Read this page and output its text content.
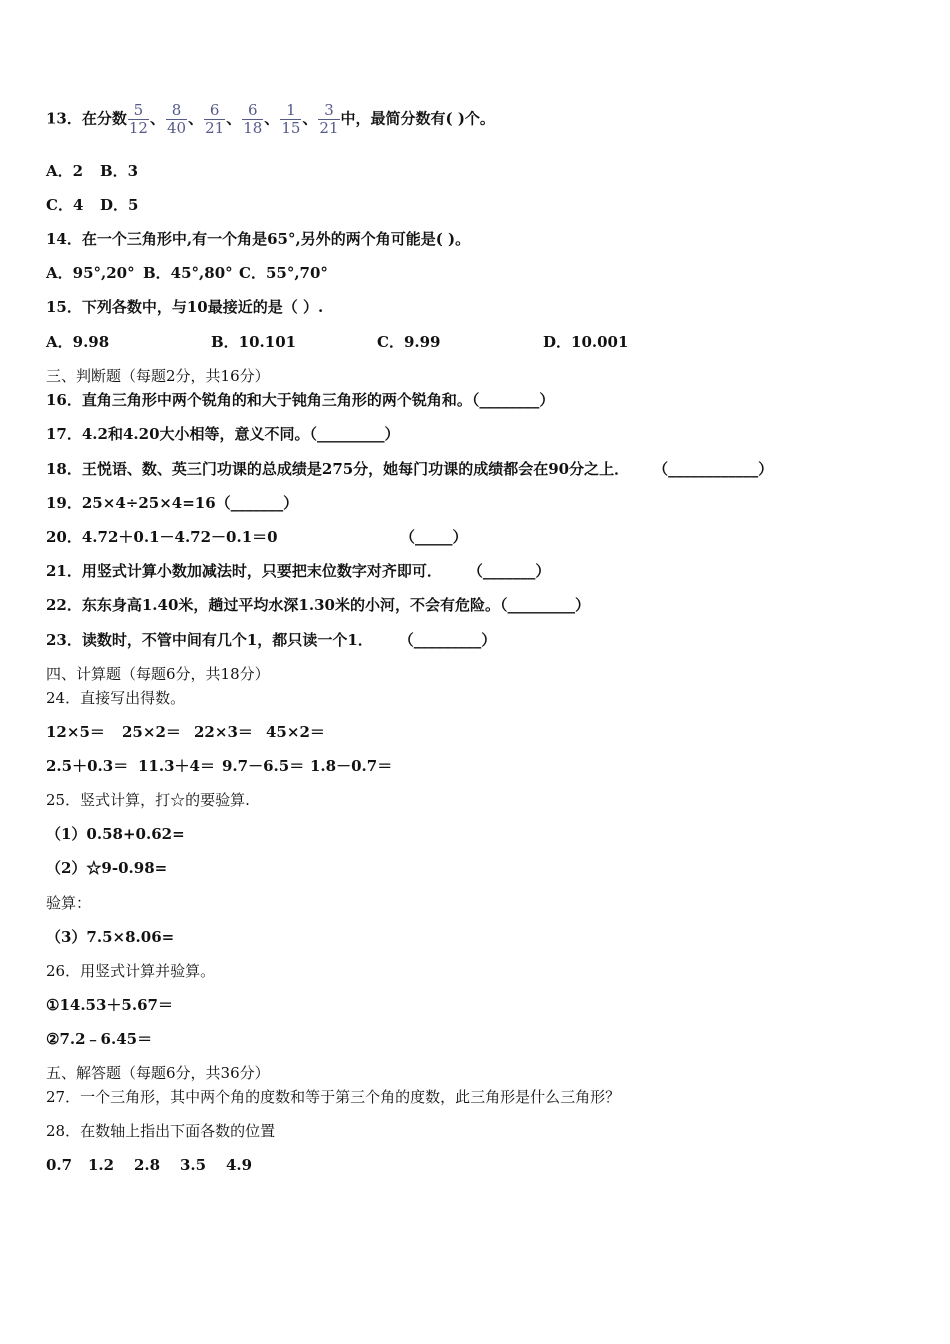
13．在分数 $\frac{5}{12}$ 、 $\frac{8}{40}$ 、 $\frac{6}{21}$ 、 $\frac{6}{18}$ 、 $\frac{1}{15}$ 、 $\frac{3}{21}$ 中，最简分数有( )个。
A．2 B．3
C．4 D．5
14．在一个三角形中,有一个角是65°,另外的两个角可能是( )。
A．95°,20° B．45°,80° C．55°,70°
15．下列各数中，与10最接近的是（ ）.
A．9.98	B．10.101	C．9.99	D．10.001
三、判断题（每题2分，共16分）
16．直角三角形中两个锐角的和大于钝角三角形的两个锐角和。（________）
17．4.2和4.20大小相等，意义不同。（_________）
18．王悦语、数、英三门功课的总成绩是275分，她每门功课的成绩都会在90分之上． （____________）
19．25×4÷25×4=16（_______）
20．4.72＋0.1－4.72－0.1＝0	（_____）
21．用竖式计算小数加减法时，只要把末位数字对齐即可． （_______）
22．东东身高1.40米，趟过平均水深1.30米的小河，不会有危险。（_________）
23．读数时，不管中间有几个1，都只读一个1． （_________）
四、计算题（每题6分，共18分）
24．直接写出得数。
12×5＝ 25×2＝ 22×3＝ 45×2＝
2.5＋0.3＝ 11.3＋4＝ 9.7－6.5＝ 1.8－0.7＝
25．竖式计算，打☆的要验算.
（1）0.58+0.62=
（2）☆9-0.98=
验算：
（3）7.5×8.06=
26．用竖式计算并验算。
①14.53＋5.67＝
②7.2﹣6.45＝
五、解答题（每题6分，共36分）
27．一个三角形，其中两个角的度数和等于第三个角的度数，此三角形是什么三角形？
28．在数轴上指出下面各数的位置
0.7 1.2 2.8 3.5 4.9
